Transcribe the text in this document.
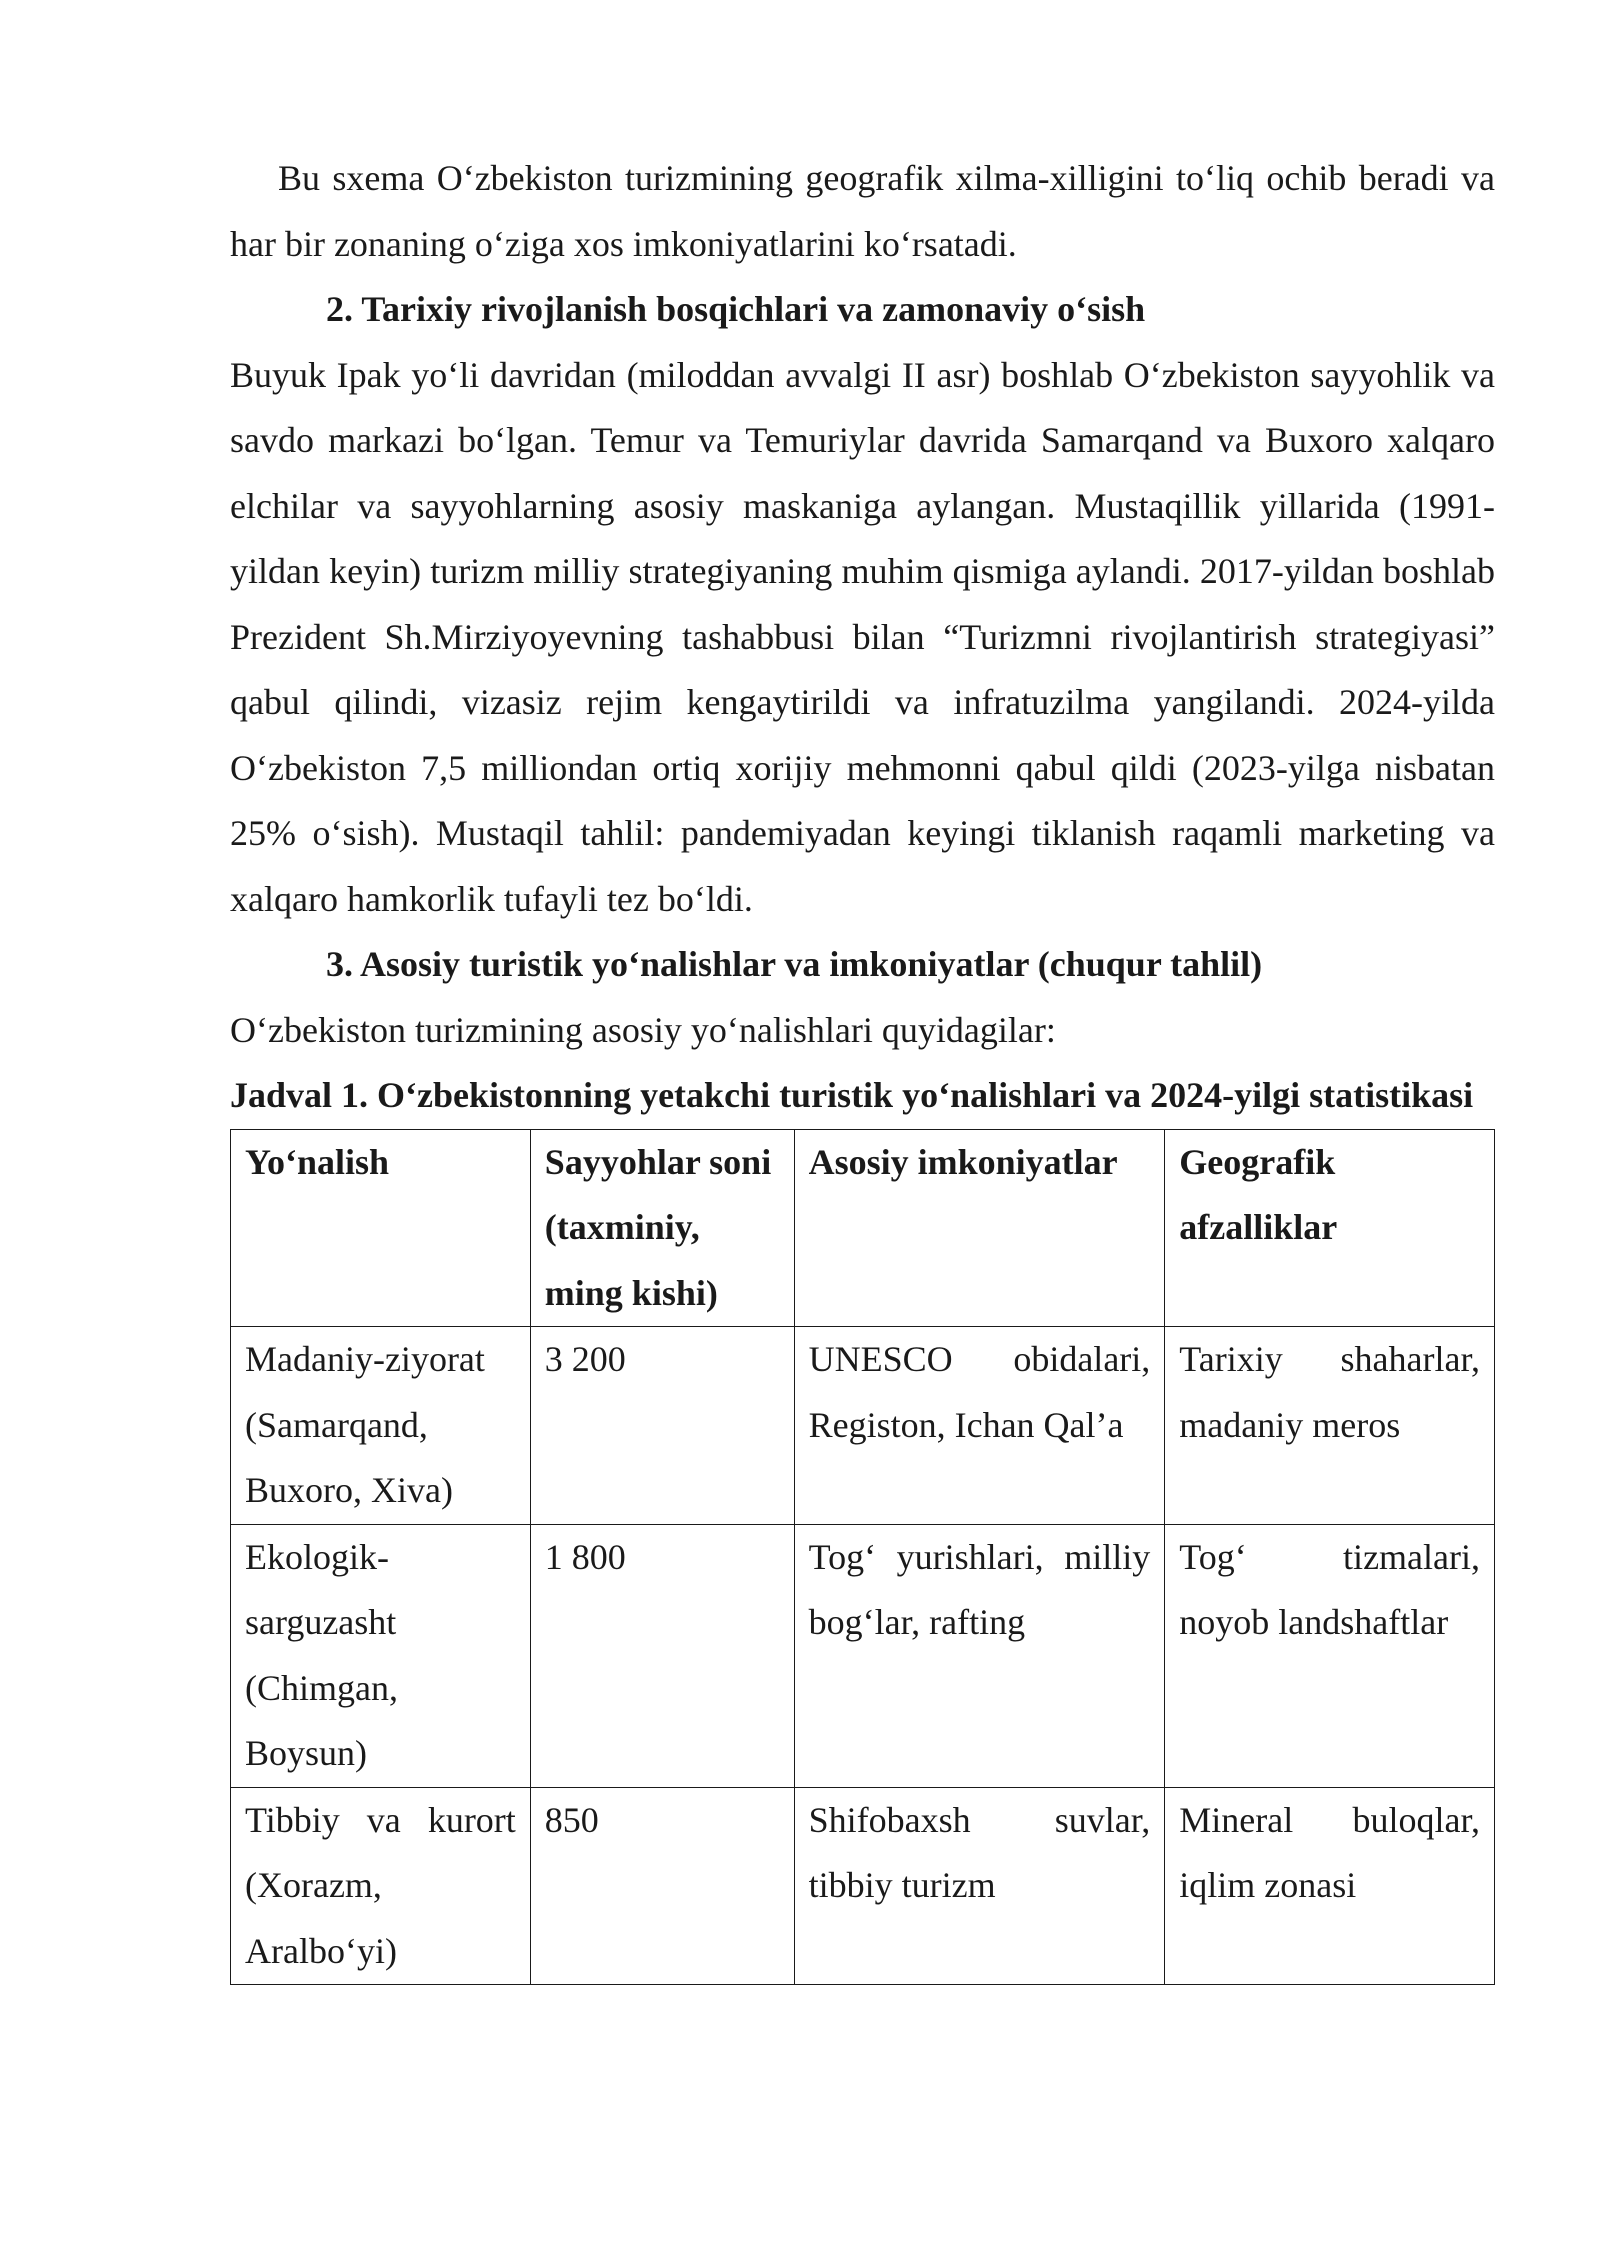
Bu sxema O‘zbekiston turizmining geografik xilma-xilligini to‘liq ochib beradi va har bir zonaning o‘ziga xos imkoniyatlarini ko‘rsatadi.

2. Tarixiy rivojlanish bosqichlari va zamonaviy o‘sish

Buyuk Ipak yo‘li davridan (miloddan avvalgi II asr) boshlab O‘zbekiston sayyohlik va savdo markazi bo‘lgan. Temur va Temuriylar davrida Samarqand va Buxoro xalqaro elchilar va sayyohlarning asosiy maskaniga aylangan. Mustaqillik yillarida (1991-yildan keyin) turizm milliy strategiyaning muhim qismiga aylandi. 2017-yildan boshlab Prezident Sh.Mirziyoyevning tashabbusi bilan “Turizmni rivojlantirish strategiyasi” qabul qilindi, vizasiz rejim kengaytirildi va infratuzilma yangilandi. 2024-yilda O‘zbekiston 7,5 milliondan ortiq xorijiy mehmonni qabul qildi (2023-yilga nisbatan 25% o‘sish). Mustaqil tahlil: pandemiyadan keyingi tiklanish raqamli marketing va xalqaro hamkorlik tufayli tez bo‘ldi.

3. Asosiy turistik yo‘nalishlar va imkoniyatlar (chuqur tahlil)

O‘zbekiston turizmining asosiy yo‘nalishlari quyidagilar:

Jadval 1. O‘zbekistonning yetakchi turistik yo‘nalishlari va 2024-yilgi statistikasi

Yo‘nalish	Sayyohlar soni (taxminiy, ming kishi)	Asosiy imkoniyatlar	Geografik afzalliklar
Madaniy-ziyorat (Samarqand, Buxoro, Xiva)	3 200	UNESCO obidalari, Registon, Ichan Qal’a	Tarixiy shaharlar, madaniy meros
Ekologik-sarguzasht (Chimgan, Boysun)	1 800	Tog‘ yurishlari, milliy bog‘lar, rafting	Tog‘ tizmalari, noyob landshaftlar
Tibbiy va kurort (Xorazm, Aralbo‘yi)	850	Shifobaxsh suvlar, tibbiy turizm	Mineral buloqlar, iqlim zonasi
